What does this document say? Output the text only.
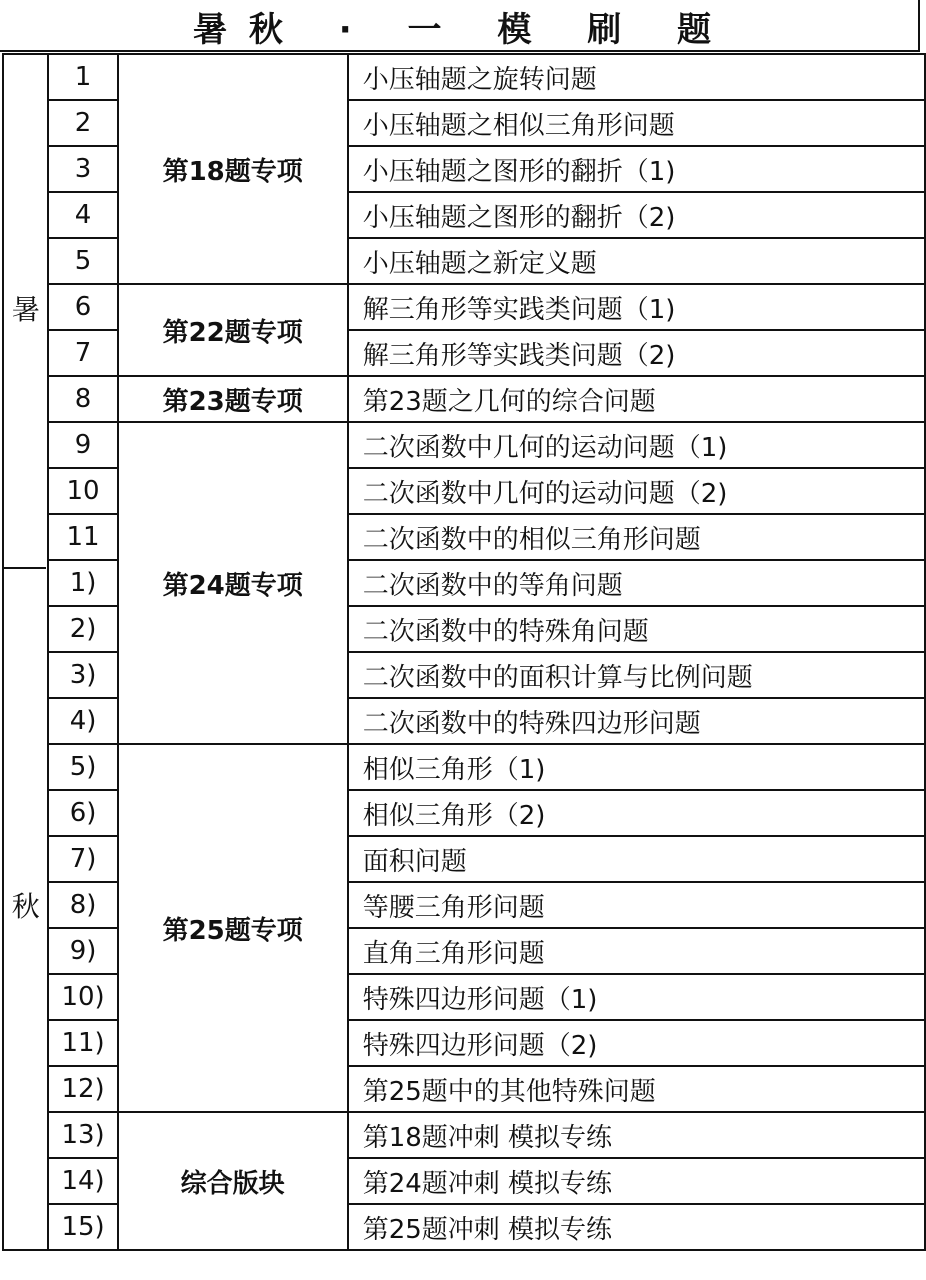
暑秋 · 一 模 刷 题
暑	1	第18题专项	小压轴题之旋转问题
	2		小压轴题之相似三角形问题
	3		小压轴题之图形的翻折（1)
	4		小压轴题之图形的翻折（2)
	5		小压轴题之新定义题
	6	第22题专项	解三角形等实践类问题（1)
	7		解三角形等实践类问题（2)
	8	第23题专项	第23题之几何的综合问题
	9	第24题专项	二次函数中几何的运动问题（1)
	10		二次函数中几何的运动问题（2)
	11		二次函数中的相似三角形问题
秋	1)		二次函数中的等角问题
	2)		二次函数中的特殊角问题
	3)		二次函数中的面积计算与比例问题
	4)		二次函数中的特殊四边形问题
	5)	第25题专项	相似三角形（1)
	6)		相似三角形（2)
	7)		面积问题
	8)		等腰三角形问题
	9)		直角三角形问题
	10)		特殊四边形问题（1)
	11)		特殊四边形问题（2)
	12)		第25题中的其他特殊问题
	13)	综合版块	第18题冲刺 模拟专练
	14)		第24题冲刺 模拟专练
	15)		第25题冲刺 模拟专练
